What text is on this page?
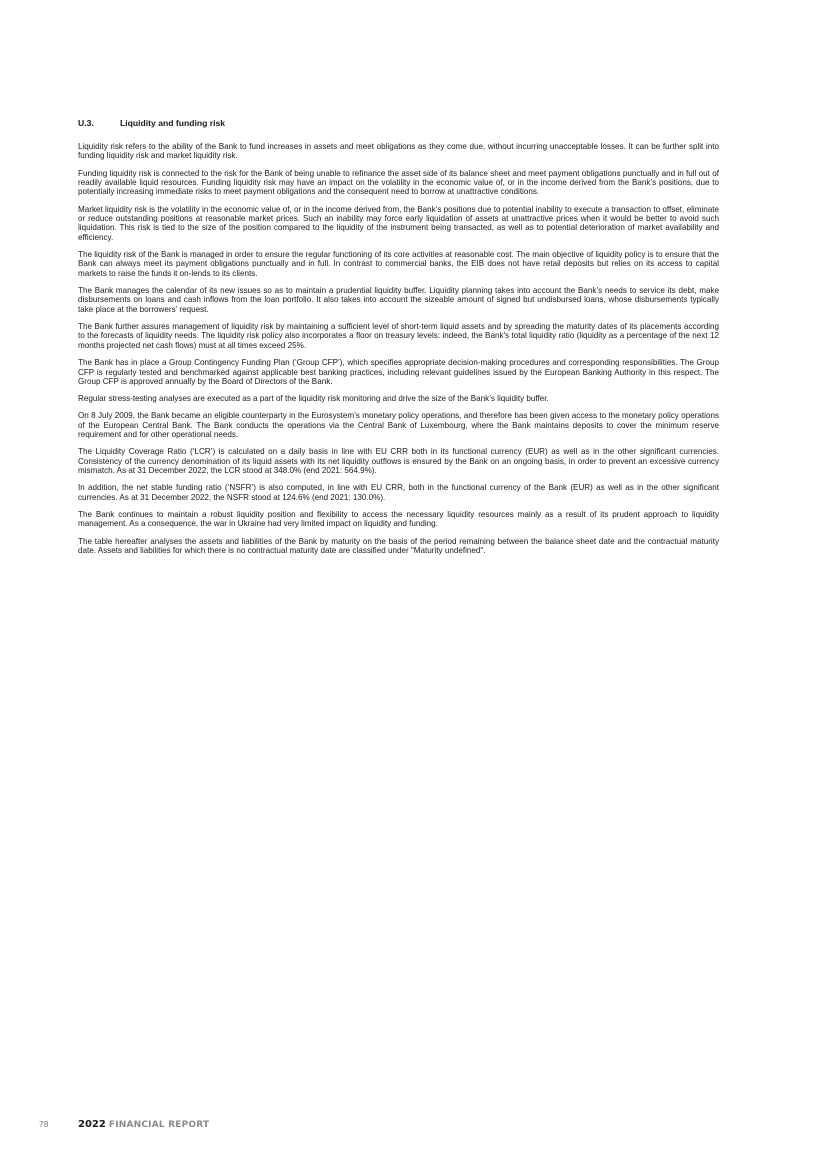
U.3.	Liquidity and funding risk

Liquidity risk refers to the ability of the Bank to fund increases in assets and meet obligations as they come due, without incurring unacceptable losses. It can be further split into funding liquidity risk and market liquidity risk.

Funding liquidity risk is connected to the risk for the Bank of being unable to refinance the asset side of its balance sheet and meet payment obligations punctually and in full out of readily available liquid resources. Funding liquidity risk may have an impact on the volatility in the economic value of, or in the income derived from the Bank’s positions, due to potentially increasing immediate risks to meet payment obligations and the consequent need to borrow at unattractive conditions.

Market liquidity risk is the volatility in the economic value of, or in the income derived from, the Bank’s positions due to potential inability to execute a transaction to offset, eliminate or reduce outstanding positions at reasonable market prices. Such an inability may force early liquidation of assets at unattractive prices when it would be better to avoid such liquidation. This risk is tied to the size of the position compared to the liquidity of the instrument being transacted, as well as to potential deterioration of market availability and efficiency.

The liquidity risk of the Bank is managed in order to ensure the regular functioning of its core activities at reasonable cost. The main objective of liquidity policy is to ensure that the Bank can always meet its payment obligations punctually and in full. In contrast to commercial banks, the EIB does not have retail deposits but relies on its access to capital markets to raise the funds it on-lends to its clients.

The Bank manages the calendar of its new issues so as to maintain a prudential liquidity buffer. Liquidity planning takes into account the Bank’s needs to service its debt, make disbursements on loans and cash inflows from the loan portfolio. It also takes into account the sizeable amount of signed but undisbursed loans, whose disbursements typically take place at the borrowers’ request.

The Bank further assures management of liquidity risk by maintaining a sufficient level of short-term liquid assets and by spreading the maturity dates of its placements according to the forecasts of liquidity needs. The liquidity risk policy also incorporates a floor on treasury levels: indeed, the Bank's total liquidity ratio (liquidity as a percentage of the next 12 months projected net cash flows) must at all times exceed 25%.

The Bank has in place a Group Contingency Funding Plan (‘Group CFP’), which specifies appropriate decision-making procedures and corresponding responsibilities. The Group CFP is regularly tested and benchmarked against applicable best banking practices, including relevant guidelines issued by the European Banking Authority in this respect. The Group CFP is approved annually by the Board of Directors of the Bank.

Regular stress-testing analyses are executed as a part of the liquidity risk monitoring and drive the size of the Bank’s liquidity buffer.

On 8 July 2009, the Bank became an eligible counterparty in the Eurosystem’s monetary policy operations, and therefore has been given access to the monetary policy operations of the European Central Bank. The Bank conducts the operations via the Central Bank of Luxembourg, where the Bank maintains deposits to cover the minimum reserve requirement and for other operational needs.

The Liquidity Coverage Ratio (‘LCR’) is calculated on a daily basis in line with EU CRR both in its functional currency (EUR) as well as in the other significant currencies. Consistency of the currency denomination of its liquid assets with its net liquidity outflows is ensured by the Bank on an ongoing basis, in order to prevent an excessive currency mismatch. As at 31 December 2022, the LCR stood at 348.0% (end 2021: 564.9%).

In addition, the net stable funding ratio (‘NSFR’) is also computed, in line with EU CRR, both in the functional currency of the Bank (EUR) as well as in the other significant currencies. As at 31 December 2022, the NSFR stood at 124.6% (end 2021: 130.0%).

The Bank continues to maintain a robust liquidity position and flexibility to access the necessary liquidity resources mainly as a result of its prudent approach to liquidity management. As a consequence, the war in Ukraine had very limited impact on liquidity and funding.

The table hereafter analyses the assets and liabilities of the Bank by maturity on the basis of the period remaining between the balance sheet date and the contractual maturity date. Assets and liabilities for which there is no contractual maturity date are classified under "Maturity undefined".

78	2022 FINANCIAL REPORT
